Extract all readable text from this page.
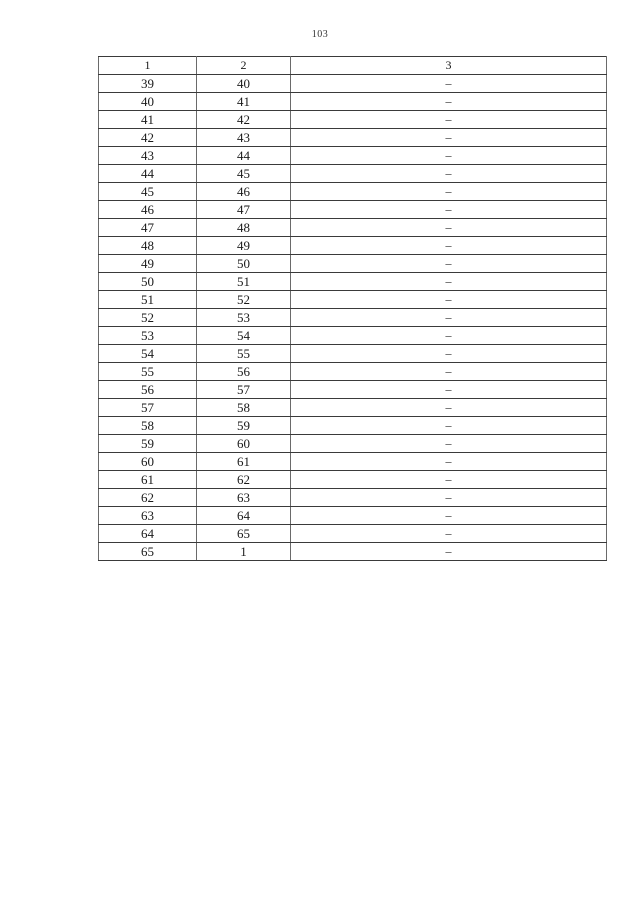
103
1	2	3
39	40	–
40	41	–
41	42	–
42	43	–
43	44	–
44	45	–
45	46	–
46	47	–
47	48	–
48	49	–
49	50	–
50	51	–
51	52	–
52	53	–
53	54	–
54	55	–
55	56	–
56	57	–
57	58	–
58	59	–
59	60	–
60	61	–
61	62	–
62	63	–
63	64	–
64	65	–
65	1	–
